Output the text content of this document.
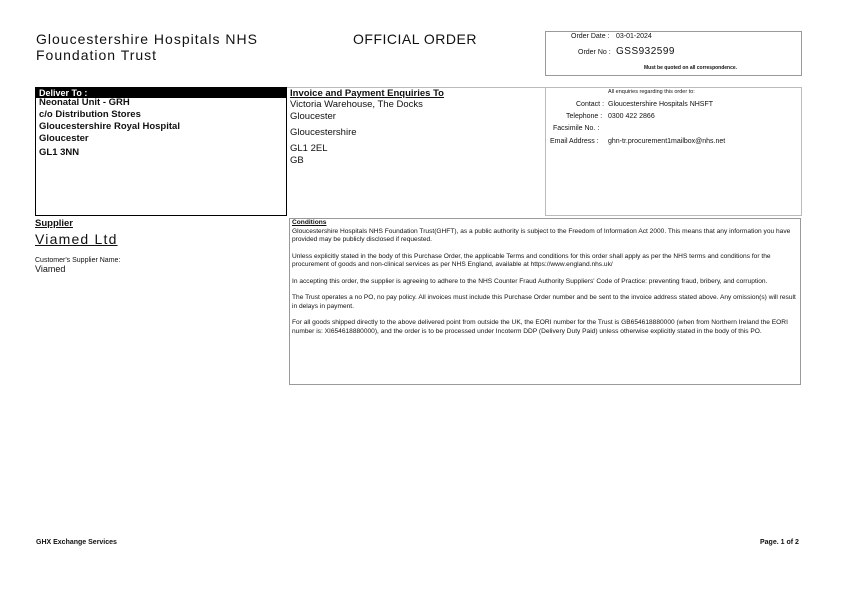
Gloucestershire Hospitals NHS
Foundation Trust
OFFICIAL ORDER	Order Date : 03-01-2024
Order No : GSS932599
Must be quoted on all correspondence.
Deliver To :
Neonatal Unit - GRH
c/o Distribution Stores
Gloucestershire Royal Hospital
Gloucester
GL1 3NN
Invoice and Payment Enquiries To
Victoria Warehouse, The Docks
Gloucester
Gloucestershire
GL1 2EL
GB
All enquiries regarding this order to:
Contact : Gloucestershire Hospitals NHSFT
Telephone : 0300 422 2866
Facsimile No. :
Email Address : ghn-tr.procurement1mailbox@nhs.net
Supplier
Viamed Ltd
Customer's Supplier Name:
Viamed
Conditions
Gloucestershire Hospitals NHS Foundation Trust(GHFT), as a public authority is subject to the Freedom of Information Act 2000. This means that any information you have provided may be publicly disclosed if requested.
Unless explicitly stated in the body of this Purchase Order, the applicable Terms and conditions for this order shall apply as per the NHS terms and conditions for the procurement of goods and non-clinical services as per NHS England, available at https://www.england.nhs.uk/
In accepting this order, the supplier is agreeing to adhere to the NHS Counter Fraud Authority Suppliers' Code of Practice: preventing fraud, bribery, and corruption.
The Trust operates a no PO, no pay policy. All invoices must include this Purchase Order number and be sent to the invoice address stated above. Any omission(s) will result in delays in payment.
For all goods shipped directly to the above delivered point from outside the UK, the EORI number for the Trust is GB654618880000 (when from Northern Ireland the EORI number is: XI654618880000), and the order is to be processed under Incoterm DDP (Delivery Duty Paid) unless otherwise explicitly stated in the body of this PO.
GHX Exchange Services	Page. 1 of 2
